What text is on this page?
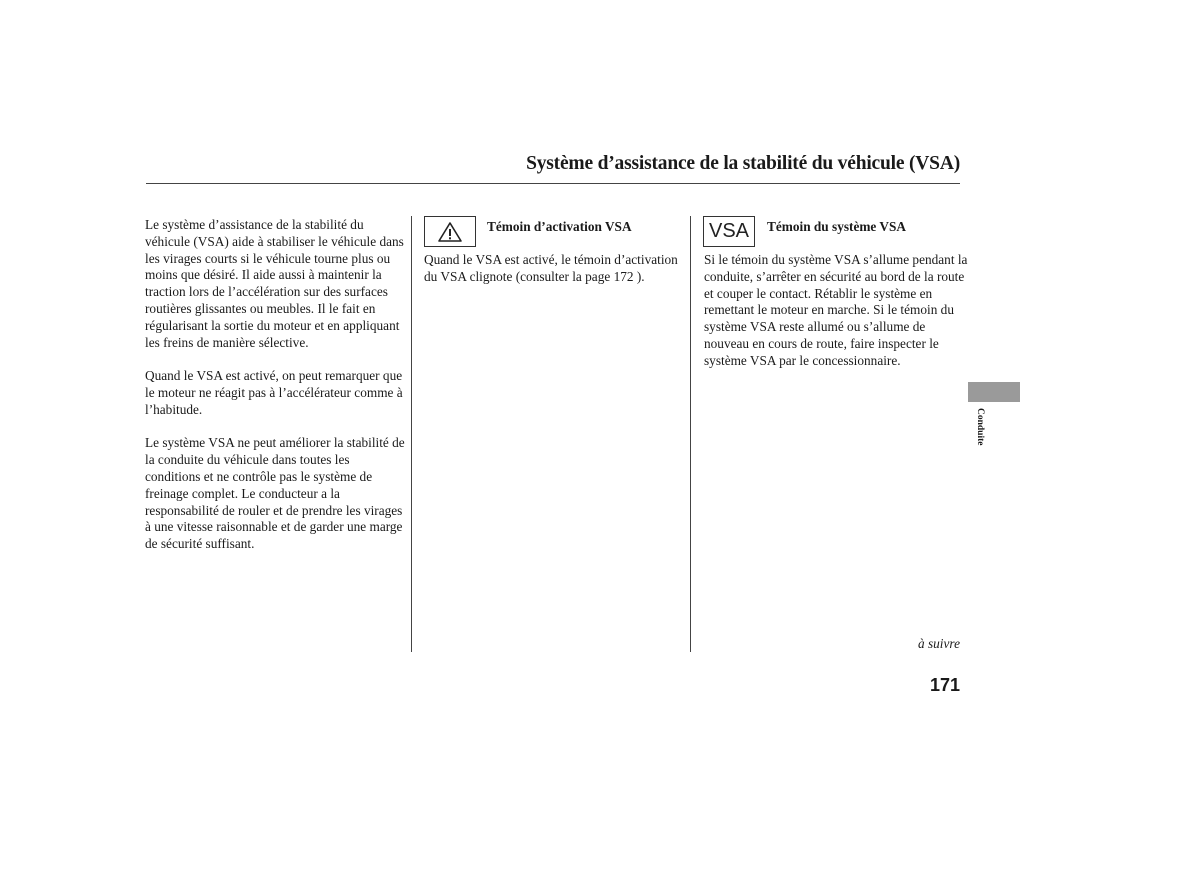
Système d’assistance de la stabilité du véhicule (VSA)

Le système d’assistance de la stabilité du véhicule (VSA) aide à stabiliser le véhicule dans les virages courts si le véhicule tourne plus ou moins que désiré. Il aide aussi à maintenir la traction lors de l’accélération sur des surfaces routières glissantes ou meubles. Il le fait en régularisant la sortie du moteur et en appliquant les freins de manière sélective.

Quand le VSA est activé, on peut remarquer que le moteur ne réagit pas à l’accélérateur comme à l’habitude.

Le système VSA ne peut améliorer la stabilité de la conduite du véhicule dans toutes les conditions et ne contrôle pas le système de freinage complet. Le conducteur a la responsabilité de rouler et de prendre les virages à une vitesse raisonnable et de garder une marge de sécurité suffisant.

Témoin d’activation VSA

Quand le VSA est activé, le témoin d’activation du VSA clignote (consulter la page 172 ).

VSA Témoin du système VSA

Si le témoin du système VSA s’allume pendant la conduite, s’arrêter en sécurité au bord de la route et couper le contact. Rétablir le système en remettant le moteur en marche. Si le témoin du système VSA reste allumé ou s’allume de nouveau en cours de route, faire inspecter le système VSA par le concessionnaire.

Conduite
à suivre
171
